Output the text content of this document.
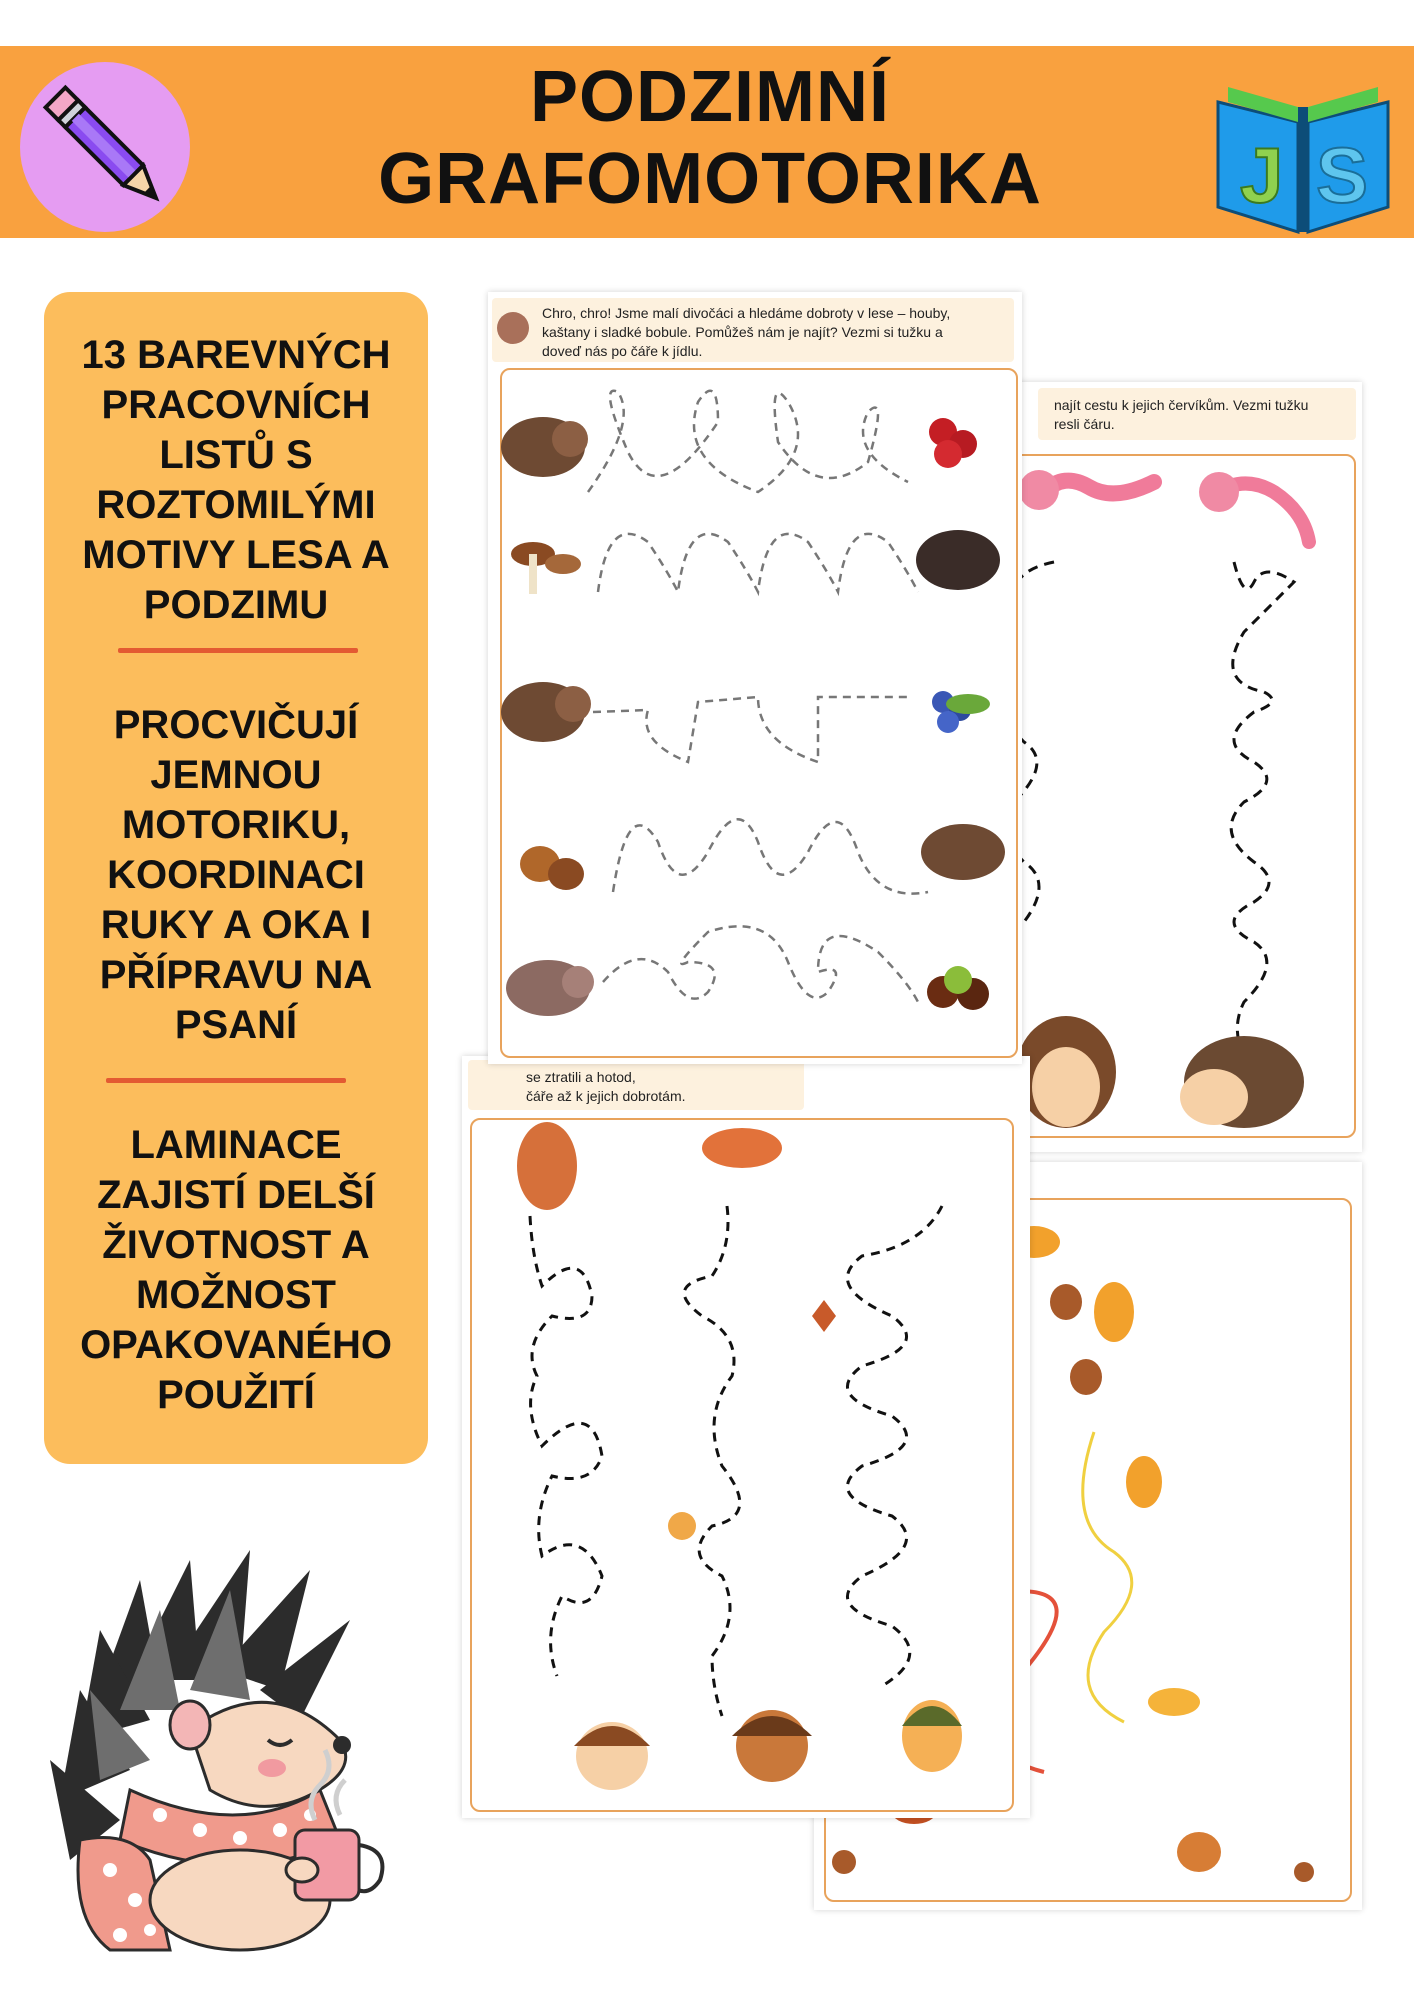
PODZIMNÍ
GRAFOMOTORIKA	J S
13 BAREVNÝCH
PRACOVNÍCH
LISTŮ S
ROZTOMILÝMI
MOTIVY LESA A
PODZIMU
PROCVIČUJÍ
JEMNOU
MOTORIKU,
KOORDINACI
RUKY A OKA I
PŘÍPRAVU NA
PSANÍ
LAMINACE
ZAJISTÍ DELŠÍ
ŽIVOTNOST A
MOŽNOST
OPAKOVANÉHO
POUŽITÍ
najít cestu k jejich červíkům. Vezmi tužku
resli čáru.
se ztratili a hotod,
čáře až k jejich dobrotám.
Chro, chro! Jsme malí divočáci a hledáme dobroty v lese – houby,
kaštany i sladké bobule. Pomůžeš nám je najít? Vezmi si tužku a
doveď nás po čáře k jídlu.
